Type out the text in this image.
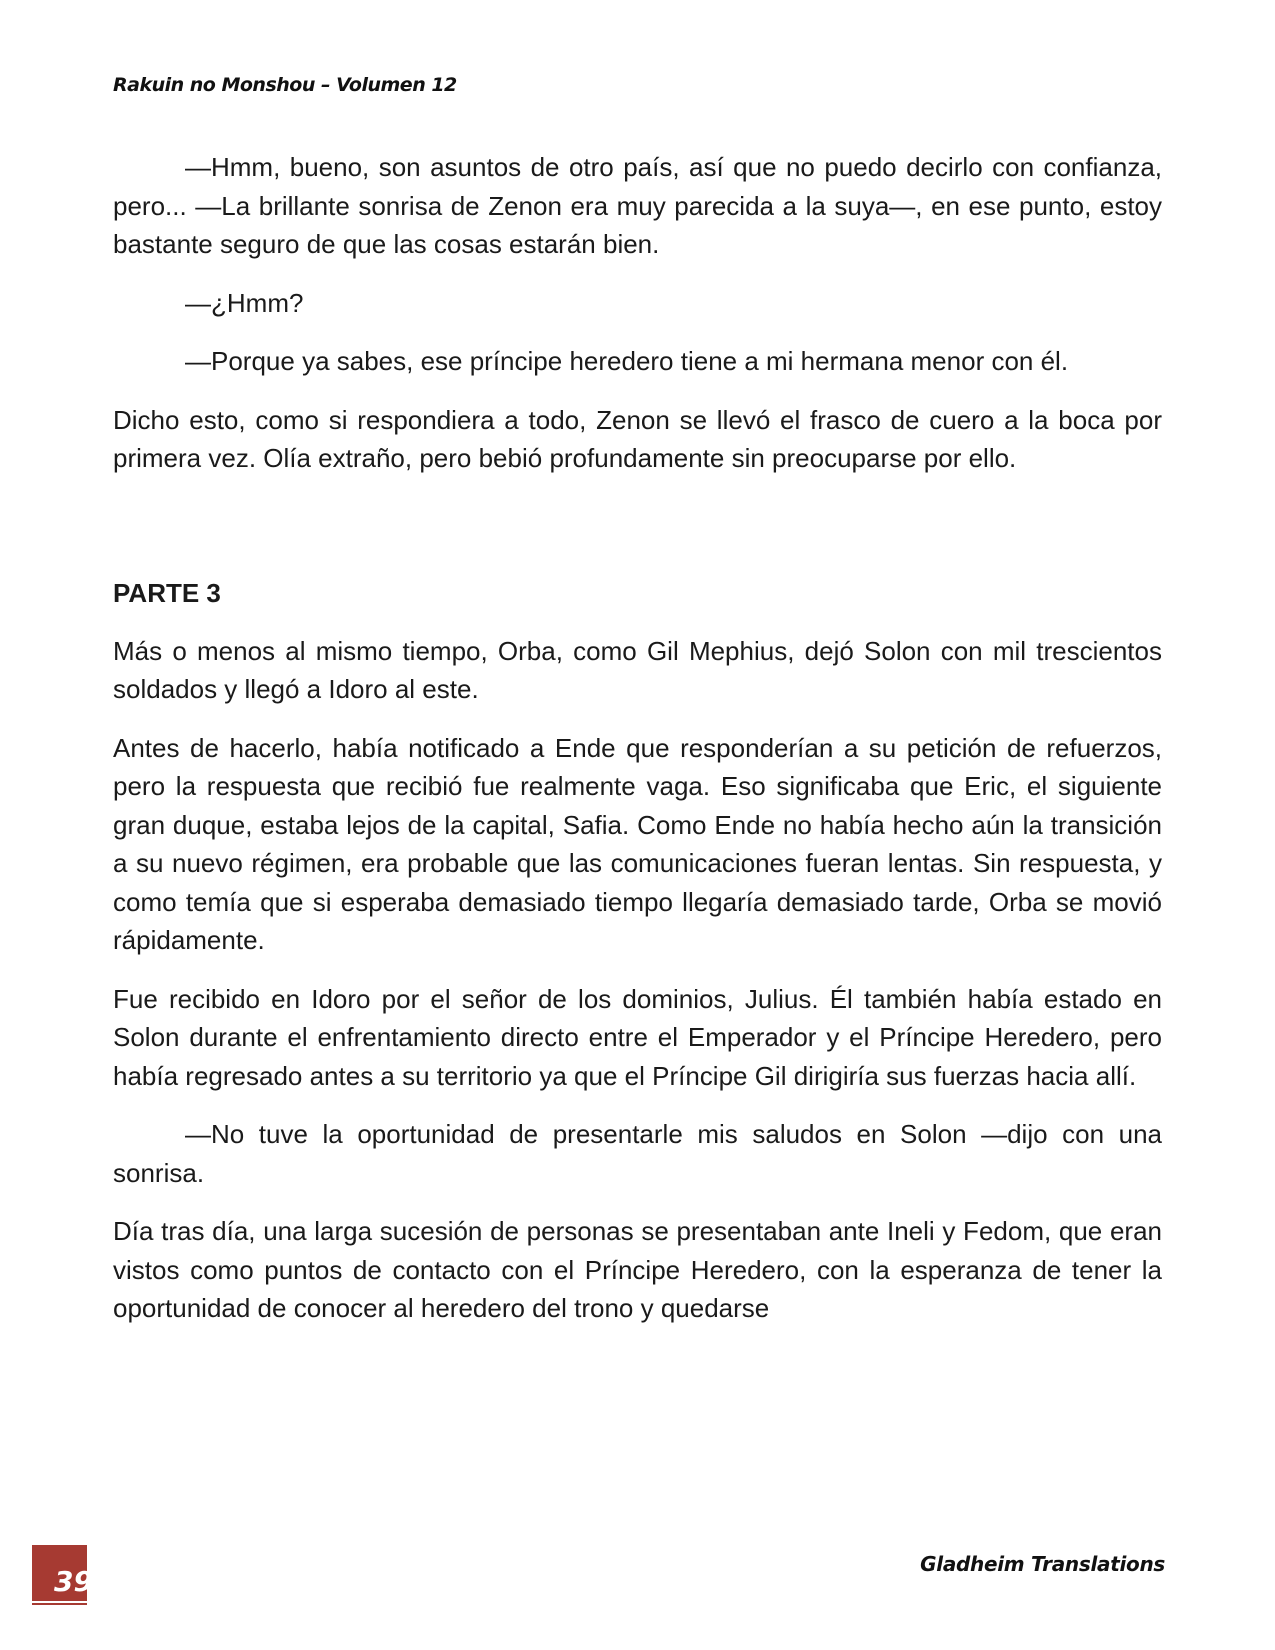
Rakuin no Monshou – Volumen 12

—Hmm, bueno, son asuntos de otro país, así que no puedo decirlo con confianza, pero... —La brillante sonrisa de Zenon era muy parecida a la suya—, en ese punto, estoy bastante seguro de que las cosas estarán bien.

—¿Hmm?

—Porque ya sabes, ese príncipe heredero tiene a mi hermana menor con él.

Dicho esto, como si respondiera a todo, Zenon se llevó el frasco de cuero a la boca por primera vez. Olía extraño, pero bebió profundamente sin preocuparse por ello.

PARTE 3

Más o menos al mismo tiempo, Orba, como Gil Mephius, dejó Solon con mil trescientos soldados y llegó a Idoro al este.

Antes de hacerlo, había notificado a Ende que responderían a su petición de refuerzos, pero la respuesta que recibió fue realmente vaga. Eso significaba que Eric, el siguiente gran duque, estaba lejos de la capital, Safia. Como Ende no había hecho aún la transición a su nuevo régimen, era probable que las comunicaciones fueran lentas. Sin respuesta, y como temía que si esperaba demasiado tiempo llegaría demasiado tarde, Orba se movió rápidamente.

Fue recibido en Idoro por el señor de los dominios, Julius. Él también había estado en Solon durante el enfrentamiento directo entre el Emperador y el Príncipe Heredero, pero había regresado antes a su territorio ya que el Príncipe Gil dirigiría sus fuerzas hacia allí.

—No tuve la oportunidad de presentarle mis saludos en Solon —dijo con una sonrisa.

Día tras día, una larga sucesión de personas se presentaban ante Ineli y Fedom, que eran vistos como puntos de contacto con el Príncipe Heredero, con la esperanza de tener la oportunidad de conocer al heredero del trono y quedarse

39
Gladheim Translations
